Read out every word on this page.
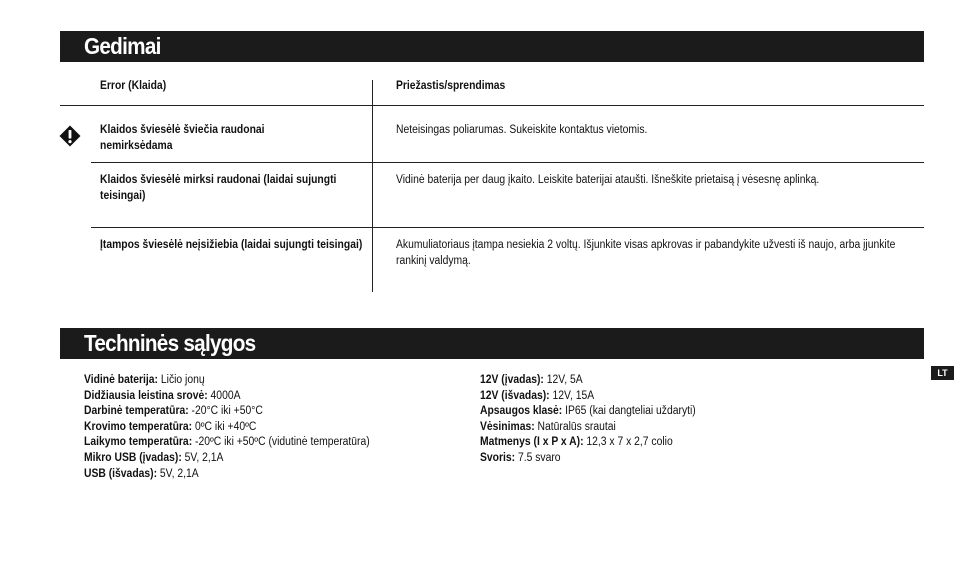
Gedimai
Error (Klaida)	Priežastis/sprendimas
Klaidos šviesėlė šviečia raudonai nemirksėdama
Neteisingas poliarumas. Sukeiskite kontaktus vietomis.
Klaidos šviesėlė mirksi raudonai (laidai sujungti teisingai)
Vidinė baterija per daug įkaito. Leiskite baterijai ataušti. Išneškite prietaisą į vėsesnę aplinką.
Įtampos šviesėlė neįsižiebia (laidai sujungti teisingai)	Akumuliatoriaus įtampa nesiekia 2 voltų. Išjunkite visas apkrovas ir pabandykite užvesti iš naujo, arba įjunkite rankinį valdymą.
Techninės sąlygos
Vidinė baterija: Ličio jonų
Didžiausia leistina srovė: 4000A
Darbinė temperatūra: -20°C iki +50°C
Krovimo temperatūra: 0ºC iki +40ºC
Laikymo temperatūra: -20ºC iki +50ºC (vidutinė temperatūra)
Mikro USB (įvadas): 5V, 2,1A
USB (išvadas): 5V, 2,1A
12V (įvadas): 12V, 5A
12V (išvadas): 12V, 15A
Apsaugos klasė: IP65 (kai dangteliai uždaryti)
Vėsinimas: Natūralūs srautai
Matmenys (I x P x A): 12,3 x 7 x 2,7 colio
Svoris: 7.5 svaro
LT
